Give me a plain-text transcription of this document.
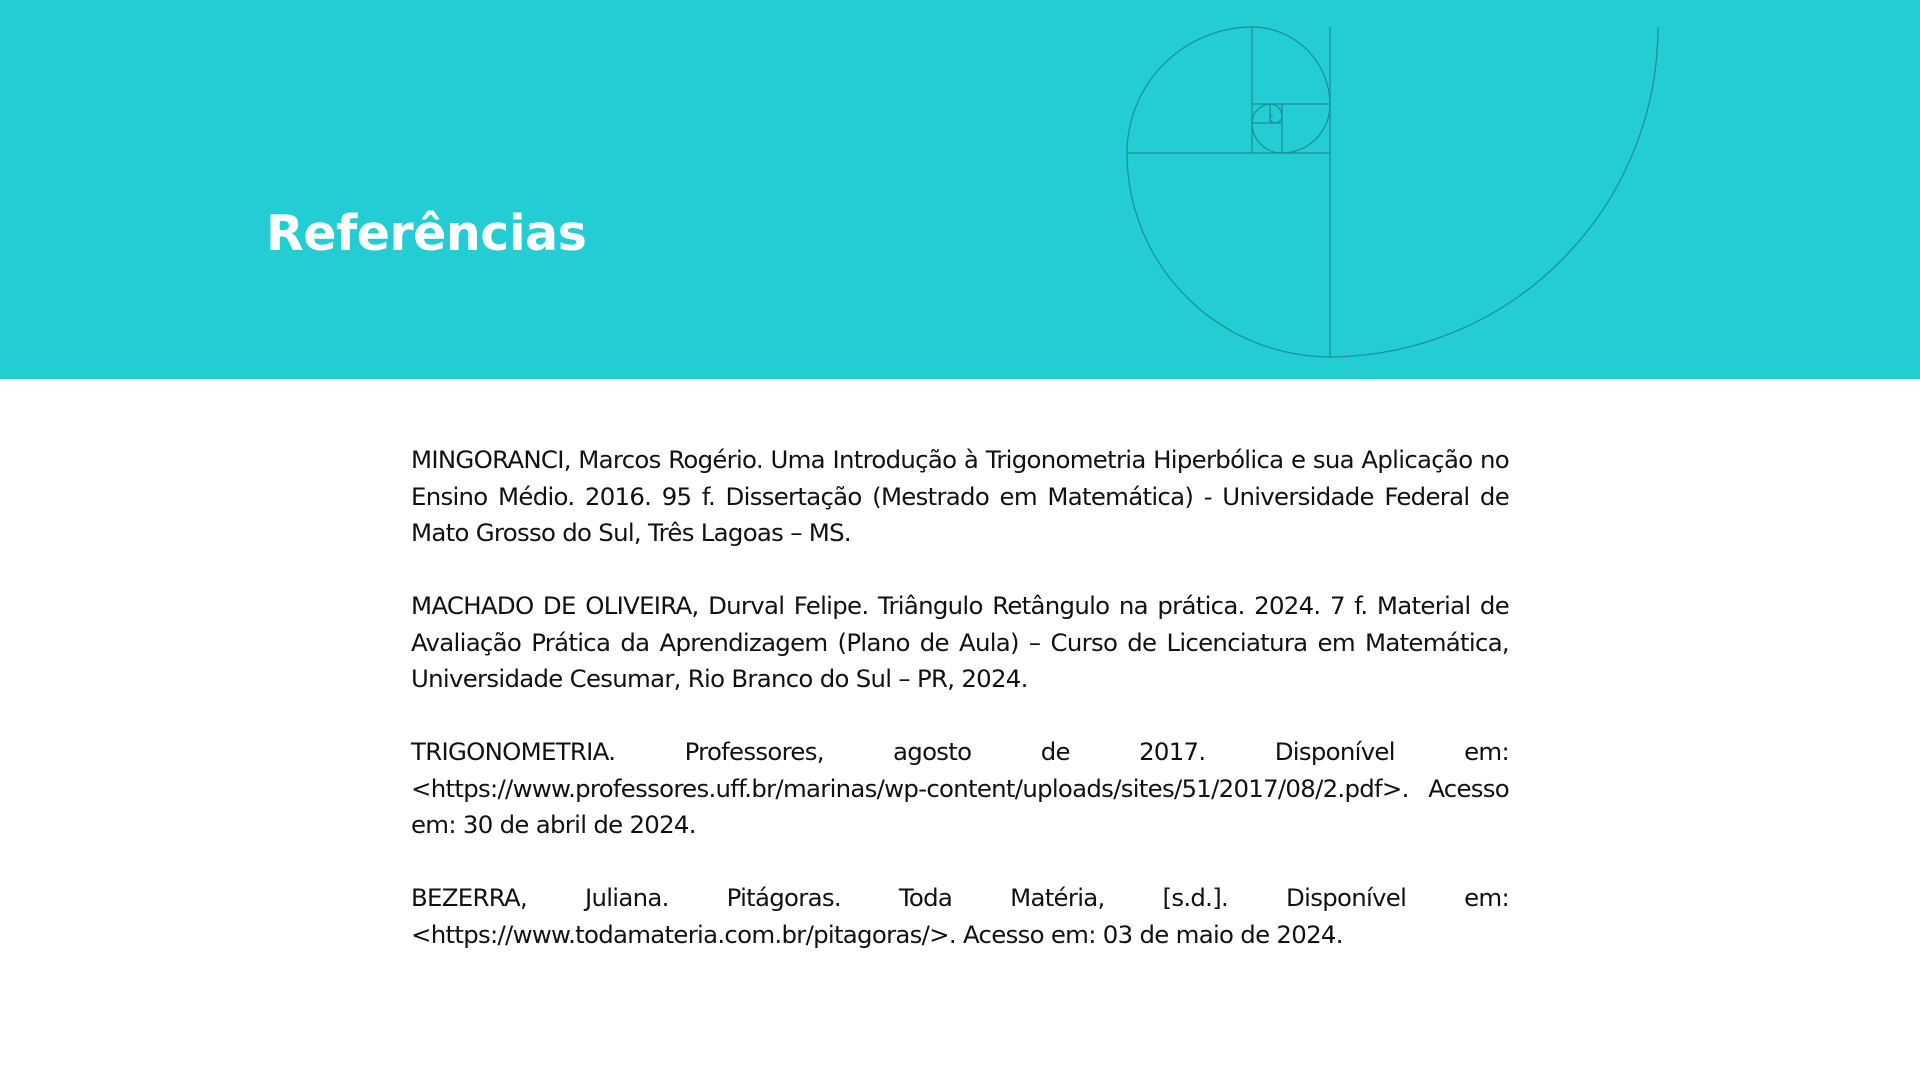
Referências
MINGORANCI, Marcos Rogério. Uma Introdução à Trigonometria Hiperbólica e sua Aplicação no Ensino Médio. 2016. 95 f. Dissertação (Mestrado em Matemática) - Universidade Federal de Mato Grosso do Sul, Três Lagoas – MS.
MACHADO DE OLIVEIRA, Durval Felipe. Triângulo Retângulo na prática. 2024. 7 f. Material de Avaliação Prática da Aprendizagem (Plano de Aula) – Curso de Licenciatura em Matemática, Universidade Cesumar, Rio Branco do Sul – PR, 2024.
TRIGONOMETRIA. Professores, agosto de 2017. Disponível em: <https://www.professores.uff.br/marinas/wp-content/uploads/sites/51/2017/08/2.pdf>. Acesso em: 30 de abril de 2024.
BEZERRA, Juliana. Pitágoras. Toda Matéria, [s.d.]. Disponível em: <https://www.todamateria.com.br/pitagoras/>. Acesso em: 03 de maio de 2024.
